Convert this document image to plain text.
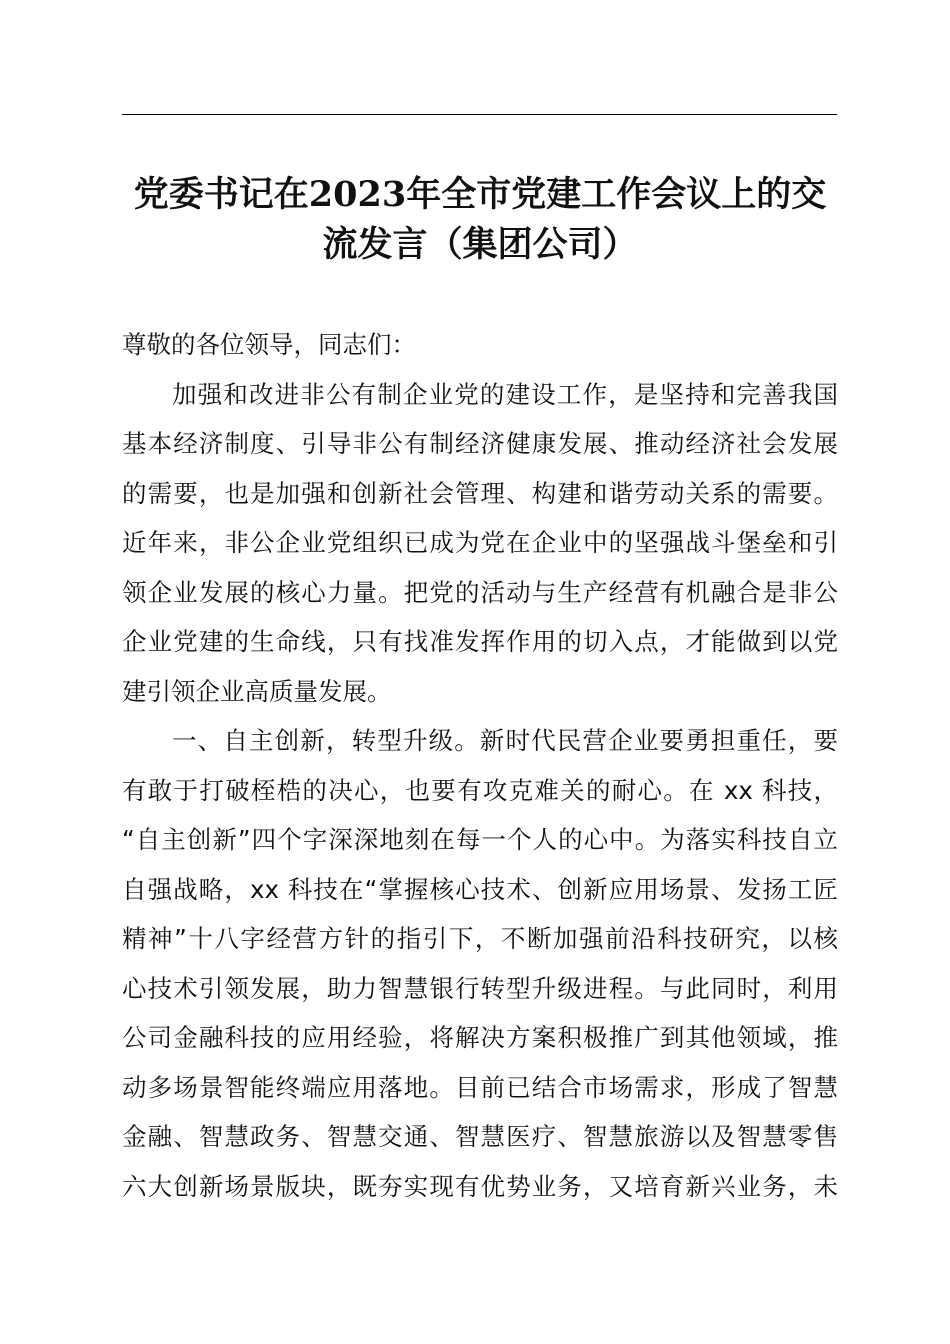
党委书记在2023年全市党建工作会议上的交
流发言（集团公司）
尊敬的各位领导，同志们：
加强和改进非公有制企业党的建设工作，是坚持和完善我国
基本经济制度、引导非公有制经济健康发展、推动经济社会发展
的需要，也是加强和创新社会管理、构建和谐劳动关系的需要。
近年来，非公企业党组织已成为党在企业中的坚强战斗堡垒和引
领企业发展的核心力量。把党的活动与生产经营有机融合是非公
企业党建的生命线，只有找准发挥作用的切入点，才能做到以党
建引领企业高质量发展。
一、自主创新，转型升级。新时代民营企业要勇担重任，要
有敢于打破桎梏的决心，也要有攻克难关的耐心。在 xx 科技，
“自主创新”四个字深深地刻在每一个人的心中。为落实科技自立
自强战略，xx 科技在“掌握核心技术、创新应用场景、发扬工匠
精神”十八字经营方针的指引下，不断加强前沿科技研究，以核
心技术引领发展，助力智慧银行转型升级进程。与此同时，利用
公司金融科技的应用经验，将解决方案积极推广到其他领域，推
动多场景智能终端应用落地。目前已结合市场需求，形成了智慧
金融、智慧政务、智慧交通、智慧医疗、智慧旅游以及智慧零售
六大创新场景版块，既夯实现有优势业务，又培育新兴业务，未
